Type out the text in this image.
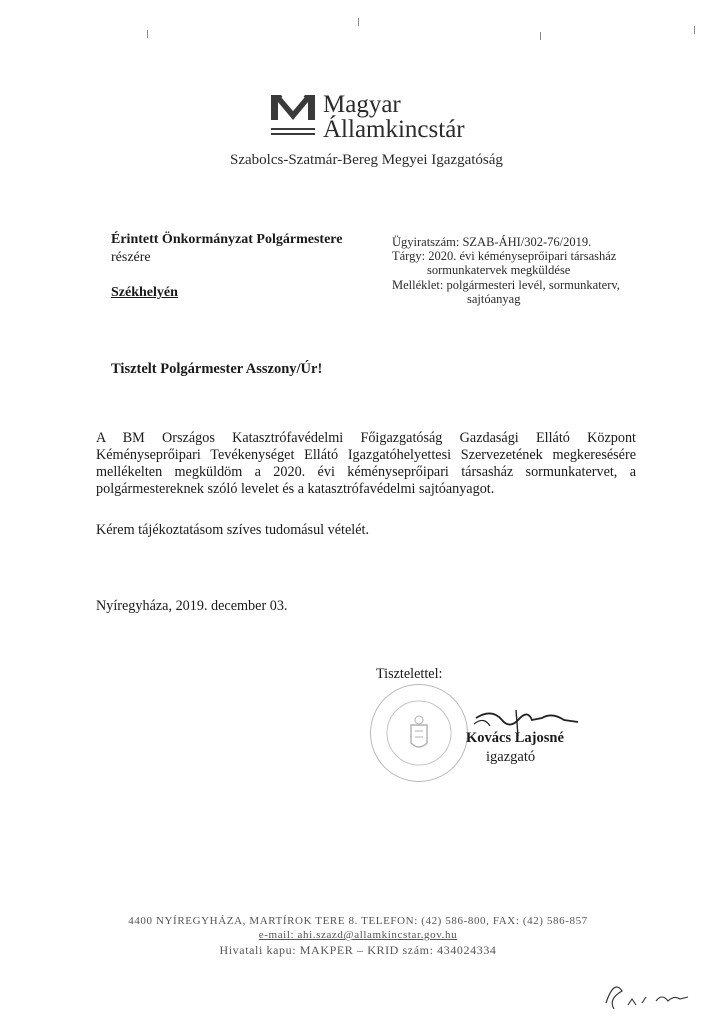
Magyar
Államkincstár
Szabolcs-Szatmár-Bereg Megyei Igazgatóság
Érintett Önkormányzat Polgármestere
részére
Székhelyén
Ügyiratszám: SZAB-ÁHI/302-76/2019.
Tárgy: 2020. évi kéményseprőipari társasház
sormunkatervek megküldése
Melléklet: polgármesteri levél, sormunkaterv,
sajtóanyag
Tisztelt Polgármester Asszony/Úr!
A BM Országos Katasztrófavédelmi Főigazgatóság Gazdasági Ellátó Központ
Kéményseprőipari Tevékenységet Ellátó Igazgatóhelyettesi Szervezetének megkeresésére
mellékelten megküldöm a 2020. évi kéményseprőipari társasház sormunkatervet, a
polgármestereknek szóló levelet és a katasztrófavédelmi sajtóanyagot.
Kérem tájékoztatásom szíves tudomásul vételét.
Nyíregyháza, 2019. december 03.
Tisztelettel:
Kovács Lajosné
igazgató
4400 NYÍREGYHÁZA, MARTÍROK TERE 8. TELEFON: (42) 586-800, FAX: (42) 586-857
e-mail: ahi.szazd@allamkincstar.gov.hu
Hivatali kapu: MAKPER – KRID szám: 434024334
